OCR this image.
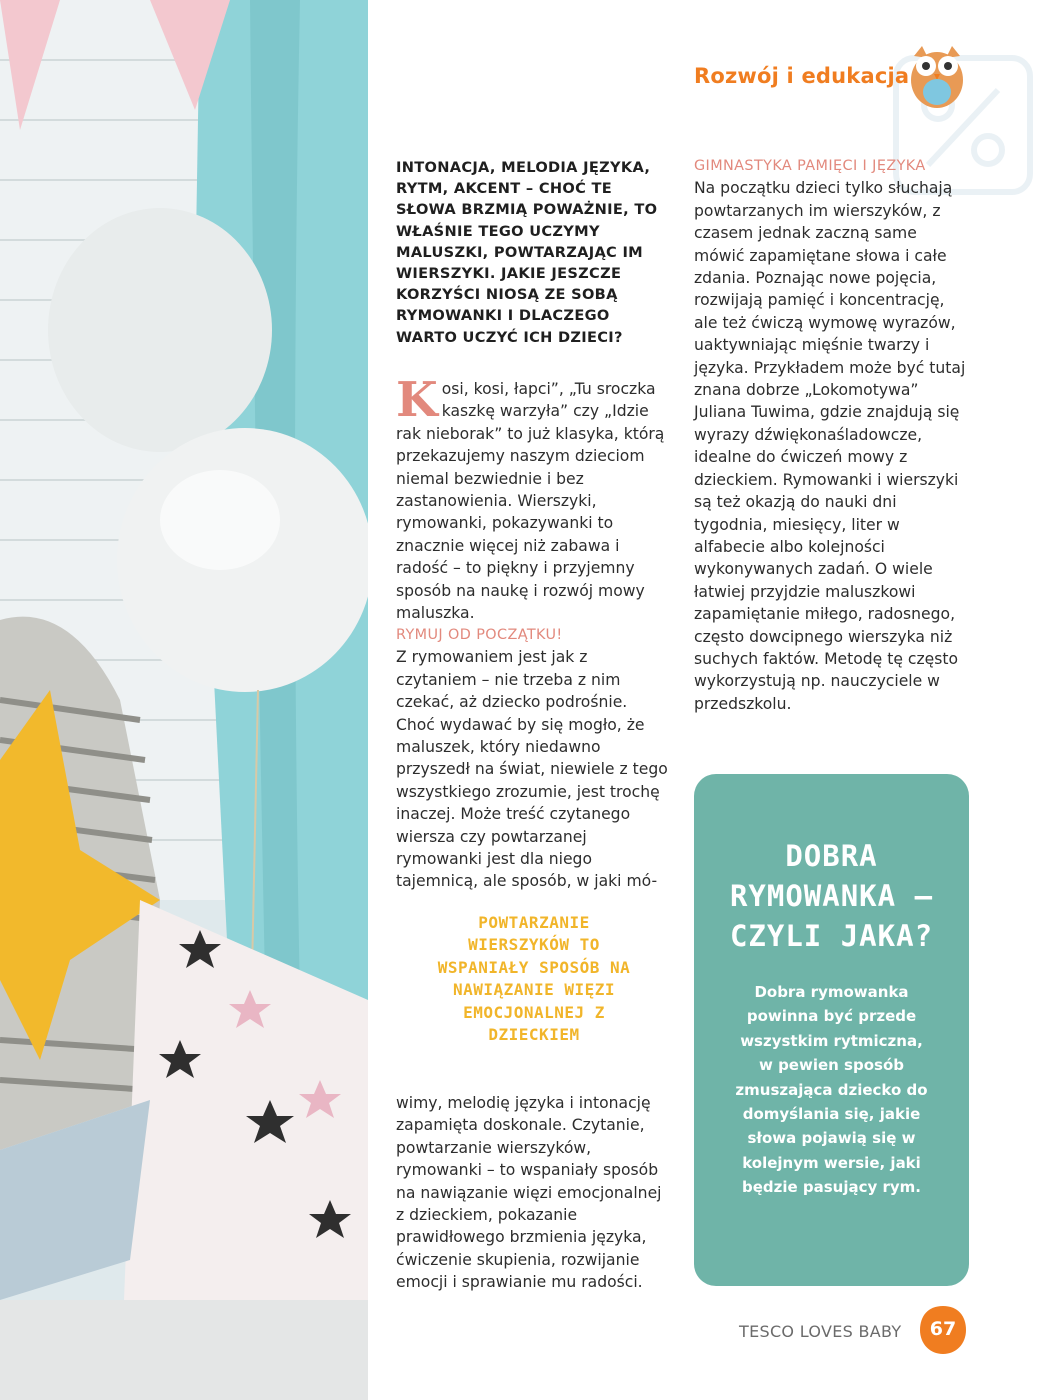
Rozwój i edukacja
INTONACJA, MELODIA JĘZYKA, RYTM, AKCENT – CHOĆ TE SŁOWA BRZMIĄ POWAŻNIE, TO WŁAŚNIE TEGO UCZYMY MALUSZKI, POWTARZAJĄC IM WIERSZYKI. JAKIE JESZCZE KORZYŚCI NIOSĄ ZE SOBĄ RYMOWANKI I DLACZEGO WARTO UCZYĆ ICH DZIECI?
Kosi, kosi, łapci”, „Tu sroczka kaszkę warzyła” czy „Idzie rak nieborak” to już klasyka, którą przekazujemy naszym dzieciom niemal bezwiednie i bez zastanowienia. Wierszyki, rymowanki, pokazywanki to znacznie więcej niż zabawa i radość – to piękny i przyjemny sposób na naukę i rozwój mowy maluszka.
RYMUJ OD POCZĄTKU!

Z rymowaniem jest jak z czytaniem – nie trzeba z nim czekać, aż dziecko podrośnie. Choć wydawać by się mogło, że maluszek, który niedawno przyszedł na świat, niewiele z tego wszystkiego zrozumie, jest trochę inaczej. Może treść czytanego wiersza czy powtarzanej rymowanki jest dla niego tajemnicą, ale sposób, w jaki mó-

POWTARZANIE WIERSZYKÓW TO WSPANIAŁY SPOSÓB NA NAWIĄZANIE WIĘZI EMOCJONALNEJ Z DZIECKIEM
wimy, melodię języka i intonację zapamięta doskonale. Czytanie, powtarzanie wierszyków, rymowanki – to wspaniały sposób na nawiązanie więzi emocjonalnej z dzieckiem, pokazanie prawidłowego brzmienia języka, ćwiczenie skupienia, rozwijanie emocji i sprawianie mu radości.
GIMNASTYKA PAMIĘCI I JĘZYKA

Na początku dzieci tylko słuchają powtarzanych im wierszyków, z czasem jednak zaczną same mówić zapamiętane słowa i całe zdania. Poznając nowe pojęcia, rozwijają pamięć i koncentrację, ale też ćwiczą wymowę wyrazów, uaktywniając mięśnie twarzy i języka. Przykładem może być tutaj znana dobrze „Lokomotywa” Juliana Tuwima, gdzie znajdują się wyrazy dźwiękonaśladowcze, idealne do ćwiczeń mowy z dzieckiem. Rymowanki i wierszyki są też okazją do nauki dni tygodnia, miesięcy, liter w alfabecie albo kolejności wykonywanych zadań. O wiele łatwiej przyjdzie maluszkowi zapamiętanie miłego, radosnego, często dowcipnego wierszyka niż suchych faktów. Metodę tę często wykorzystują np. nauczyciele w przedszkolu.

DOBRA RYMOWANKA – CZYLI JAKA?
Dobra rymowanka powinna być przede wszystkim rytmiczna, w pewien sposób zmuszająca dziecko do domyślania się, jakie słowa pojawią się w kolejnym wersie, jaki będzie pasujący rym.
TESCO LOVES BABY	67
